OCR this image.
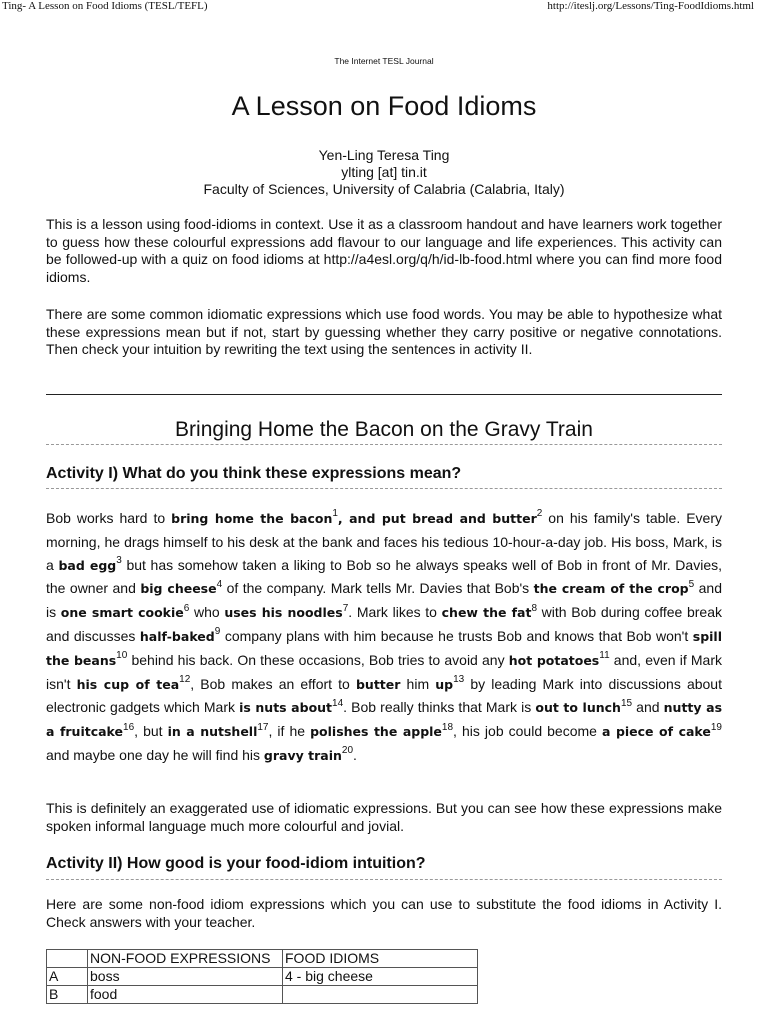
Ting- A Lesson on Food Idioms (TESL/TEFL)	http://iteslj.org/Lessons/Ting-FoodIdioms.html
The Internet TESL Journal
A Lesson on Food Idioms
Yen-Ling Teresa Ting
ylting [at] tin.it
Faculty of Sciences, University of Calabria (Calabria, Italy)

This is a lesson using food-idioms in context. Use it as a classroom handout and have learners work together to guess how these colourful expressions add flavour to our language and life experiences. This activity can be followed-up with a quiz on food idioms at http://a4esl.org/q/h/id-lb-food.html where you can find more food idioms.

There are some common idiomatic expressions which use food words. You may be able to hypothesize what these expressions mean but if not, start by guessing whether they carry positive or negative connotations. Then check your intuition by rewriting the text using the sentences in activity II.

Bringing Home the Bacon on the Gravy Train
Activity I) What do you think these expressions mean?

Bob works hard to bring home the bacon$^1$, and put bread and butter$^2$ on his family's table. Every morning, he drags himself to his desk at the bank and faces his tedious 10-hour-a-day job. His boss, Mark, is a bad egg$^3$ but has somehow taken a liking to Bob so he always speaks well of Bob in front of Mr. Davies, the owner and big cheese$^4$ of the company. Mark tells Mr. Davies that Bob's the cream of the crop$^5$ and is one smart cookie$^6$ who uses his noodles$^7$. Mark likes to chew the fat$^8$ with Bob during coffee break and discusses half-baked$^9$ company plans with him because he trusts Bob and knows that Bob won't spill the beans$^{10}$ behind his back. On these occasions, Bob tries to avoid any hot potatoes$^{11}$ and, even if Mark isn't his cup of tea$^{12}$, Bob makes an effort to butter him $up^{13}$ by leading Mark into discussions about electronic gadgets which Mark is nuts about$^{14}$. Bob really thinks that Mark is out to lunch$^{15}$ and nutty as a fruitcake$^{16}$, but in a nutshell$^{17}$, if he polishes the apple$^{18}$, his job could become a piece of cake$^{19}$ and maybe one day he will find his gravy train$^{20}$.

This is definitely an exaggerated use of idiomatic expressions. But you can see how these expressions make spoken informal language much more colourful and jovial.

Activity II) How good is your food-idiom intuition?

Here are some non-food idiom expressions which you can use to substitute the food idioms in Activity I. Check answers with your teacher.

	NON-FOOD EXPRESSIONS	FOOD IDIOMS
A	boss	4 - big cheese
B	food	
